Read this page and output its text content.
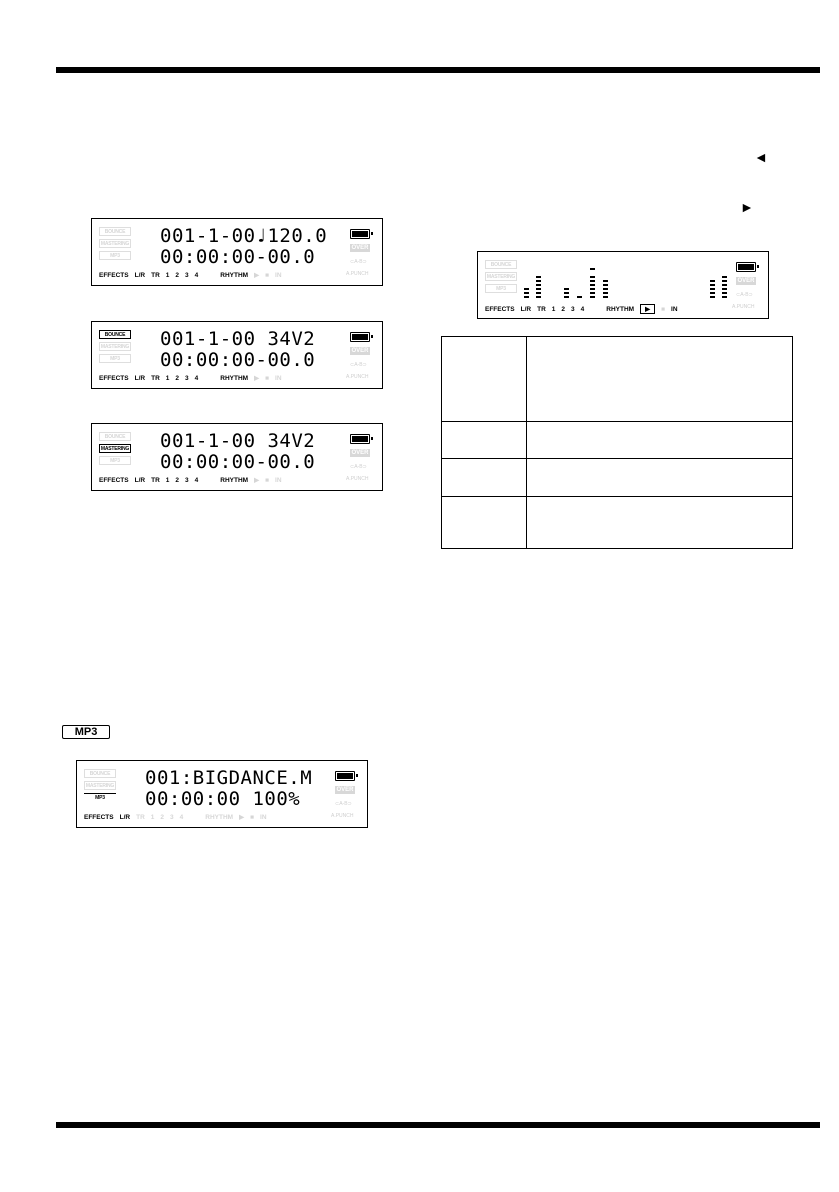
◄
►
BOUNCE
MASTERING
MP3
001-1-00♩120.0
00:00:00-00.0	OVER
⊂A-B⊃
A.PUNCH
EFFECTS L/R TR 1 2 3 4	RHYTHM ▶ ■ IN
BOUNCE
MASTERING
MP3
001-1-00 34V2
00:00:00-00.0	OVER
⊂A-B⊃
A.PUNCH
EFFECTS L/R TR 1 2 3 4	RHYTHM ▶ ■ IN
BOUNCE
MASTERING
MP3
001-1-00 34V2
00:00:00-00.0	OVER
⊂A-B⊃
A.PUNCH
EFFECTS L/R TR 1 2 3 4	RHYTHM ▶ ■ IN
MP3
BOUNCE
MASTERING
MP3
001:BIGDANCE.M
00:00:00 100%	OVER
⊂A-B⊃
A.PUNCH
EFFECTS L/R TR 1 2 3 4	RHYTHM ▶ ■ IN
BOUNCE
MASTERING
MP3
OVER
⊂A-B⊃
A.PUNCH
EFFECTS L/R TR 1 2 3 4	RHYTHM ▶ ■ IN
